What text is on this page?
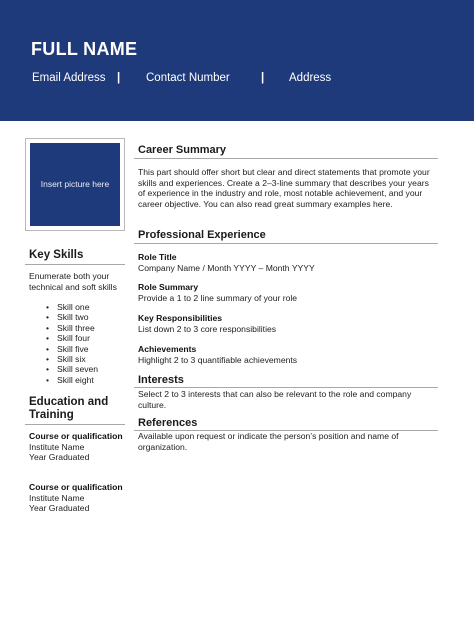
FULL NAME
Email Address | Contact Number	| Address
Insert picture here
Key Skills
Enumerate both your technical and soft skills
• Skill one
• Skill two
• Skill three
• Skill four
• Skill five
• Skill six
• Skill seven
• Skill eight
Education and Training
Course or qualification
Institute Name
Year Graduated
Course or qualification
Institute Name
Year Graduated
Career Summary
This part should offer short but clear and direct statements that promote your skills and experiences. Create a 2–3-line summary that describes your years of experience in the industry and role, most notable achievement, and your career objective. You can also read great summary examples here.
Professional Experience
Role Title
Company Name / Month YYYY – Month YYYY
Role Summary
Provide a 1 to 2 line summary of your role
Key Responsibilities
List down 2 to 3 core responsibilities
Achievements
Highlight 2 to 3 quantifiable achievements
Interests
Select 2 to 3 interests that can also be relevant to the role and company culture.
References
Available upon request or indicate the person’s position and name of organization.
